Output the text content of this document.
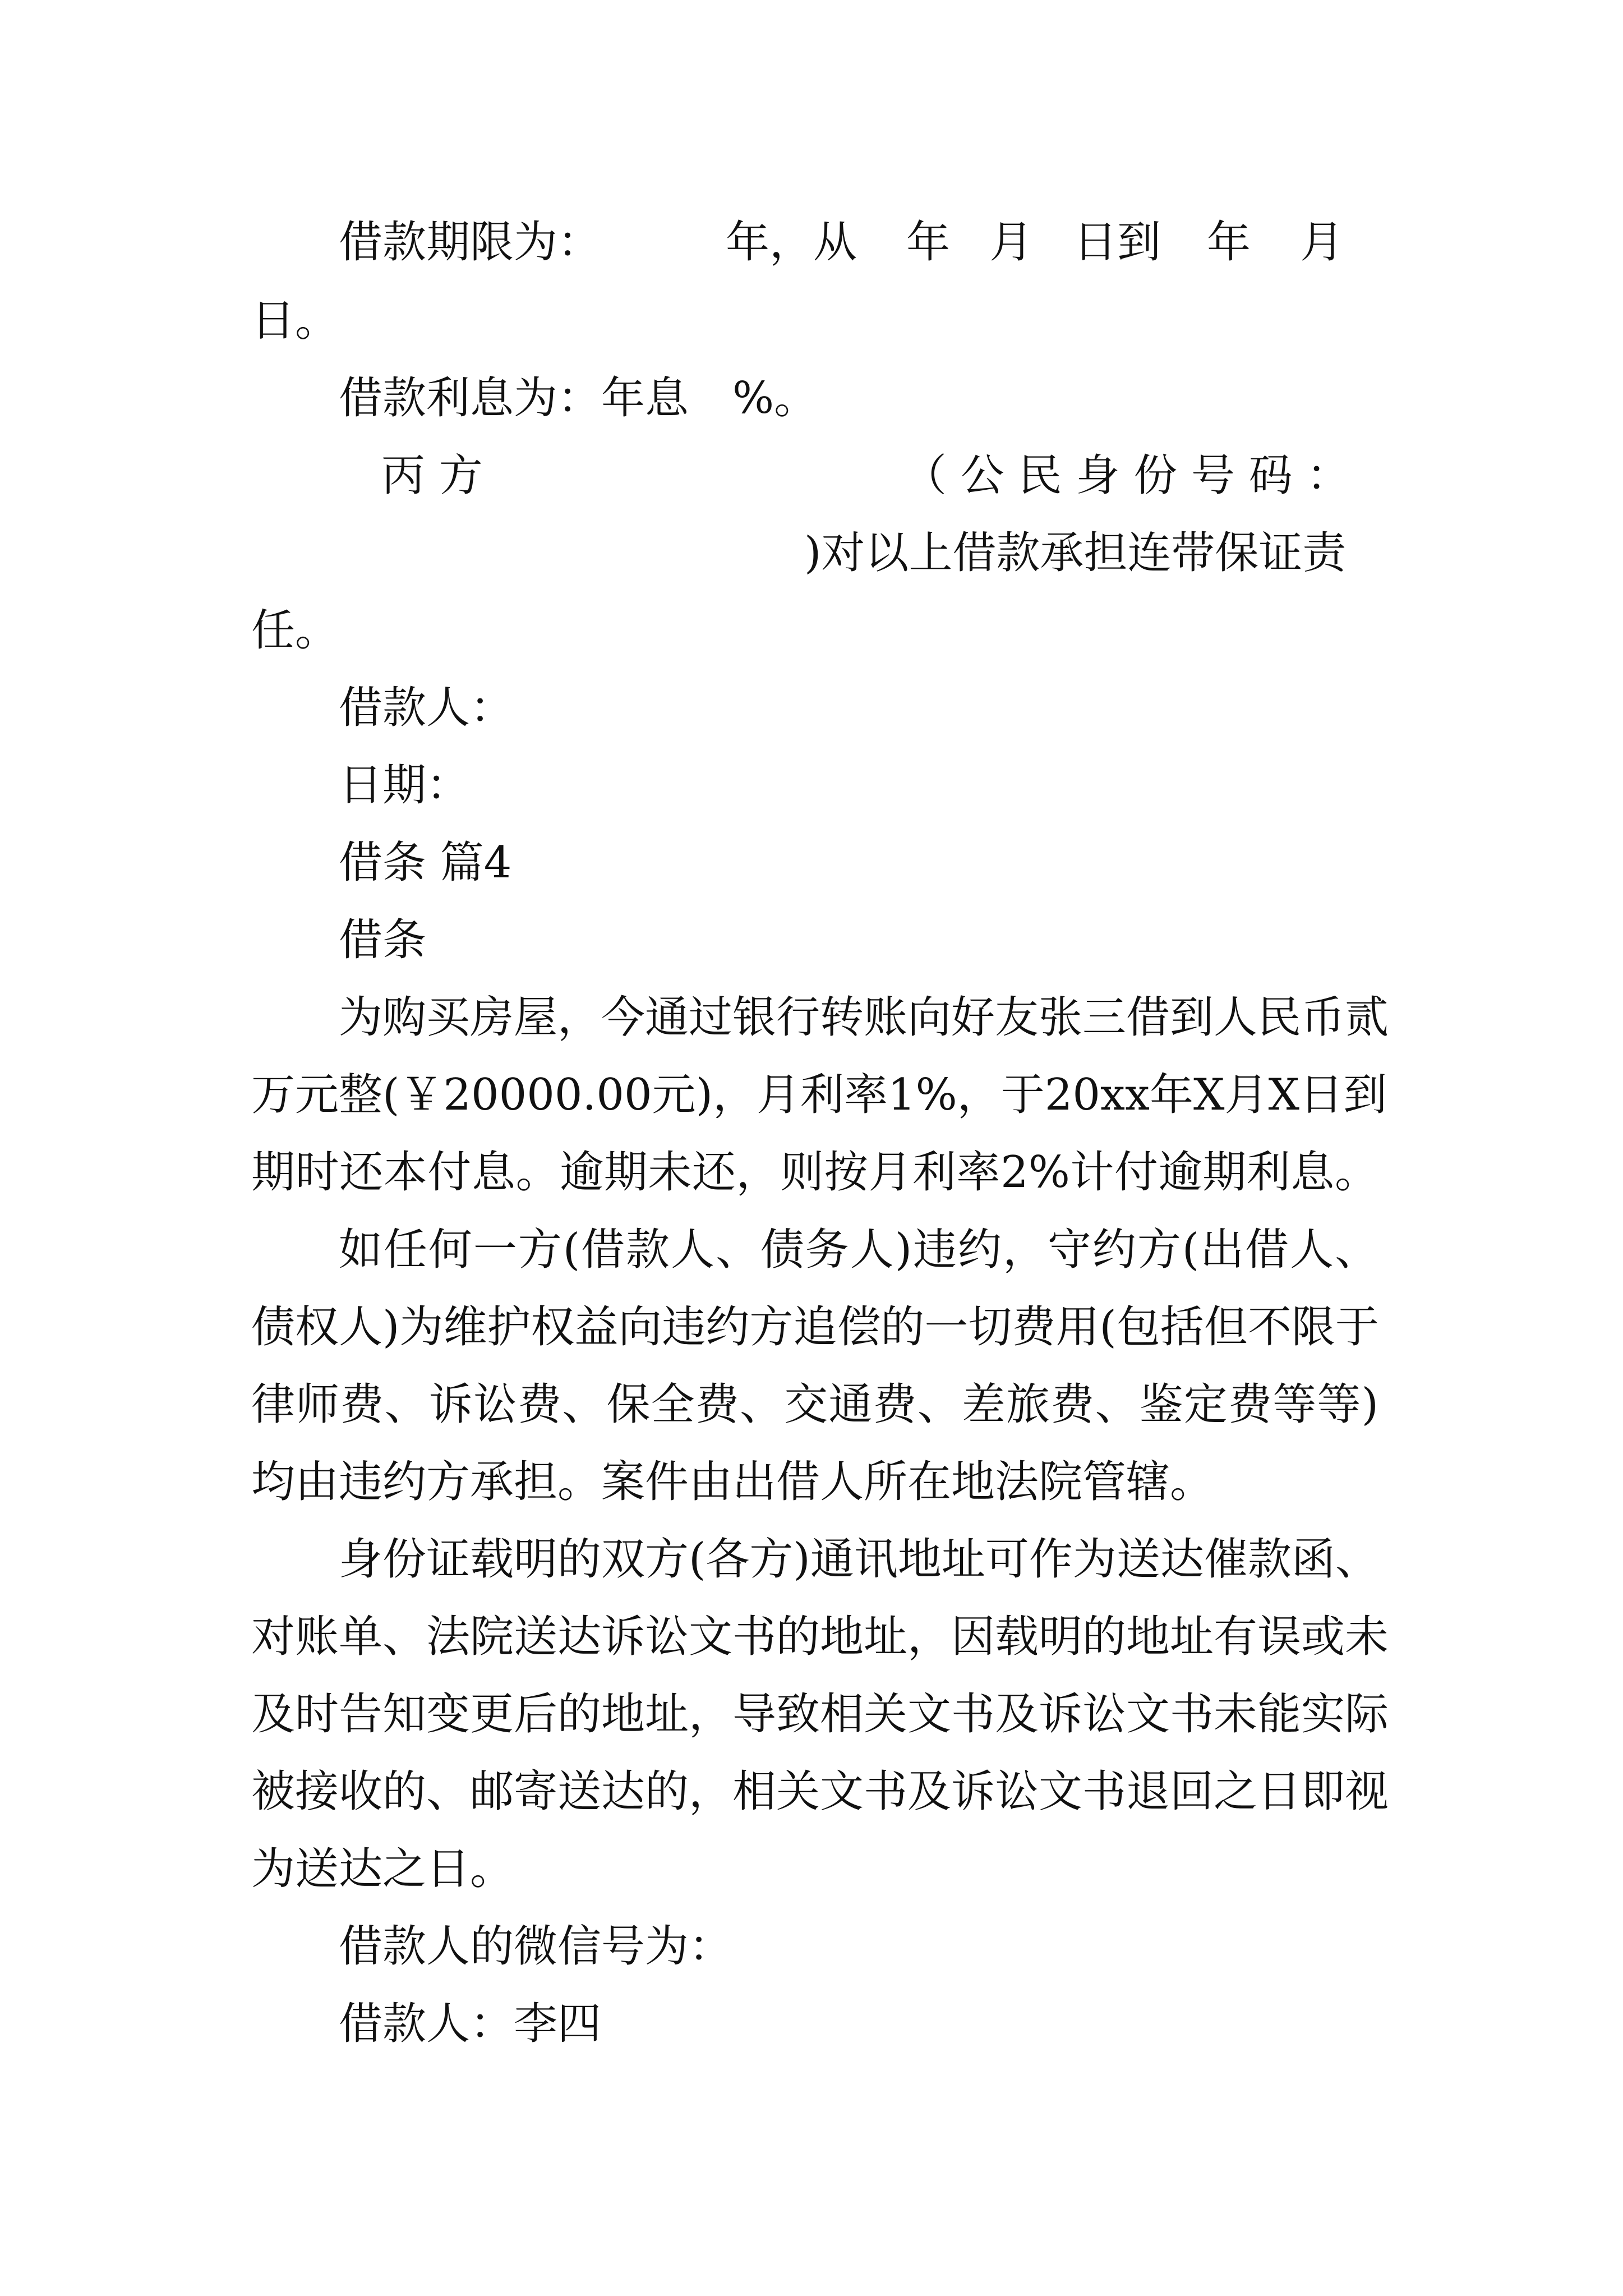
借款期限为：	年，从 年 月 日到 年 月
日。
借款利息为：年息　%。
丙 方	（ 公 民 身 份 号 码 ：
)对以上借款承担连带保证责
任。
借款人：
日期：
借条 篇4
借条
为购买房屋，今通过银行转账向好友张三借到人民币贰
万元整(￥20000.00元)，月利率1%，于20xx年X月X日到
期时还本付息。逾期未还，则按月利率2%计付逾期利息。
如任何一方(借款人、债务人)违约，守约方(出借人、
债权人)为维护权益向违约方追偿的一切费用(包括但不限于
律师费、诉讼费、保全费、交通费、差旅费、鉴定费等等)
均由违约方承担。案件由出借人所在地法院管辖。
身份证载明的双方(各方)通讯地址可作为送达催款函、
对账单、法院送达诉讼文书的地址，因载明的地址有误或未
及时告知变更后的地址，导致相关文书及诉讼文书未能实际
被接收的、邮寄送达的，相关文书及诉讼文书退回之日即视
为送达之日。
借款人的微信号为：
借款人：李四
